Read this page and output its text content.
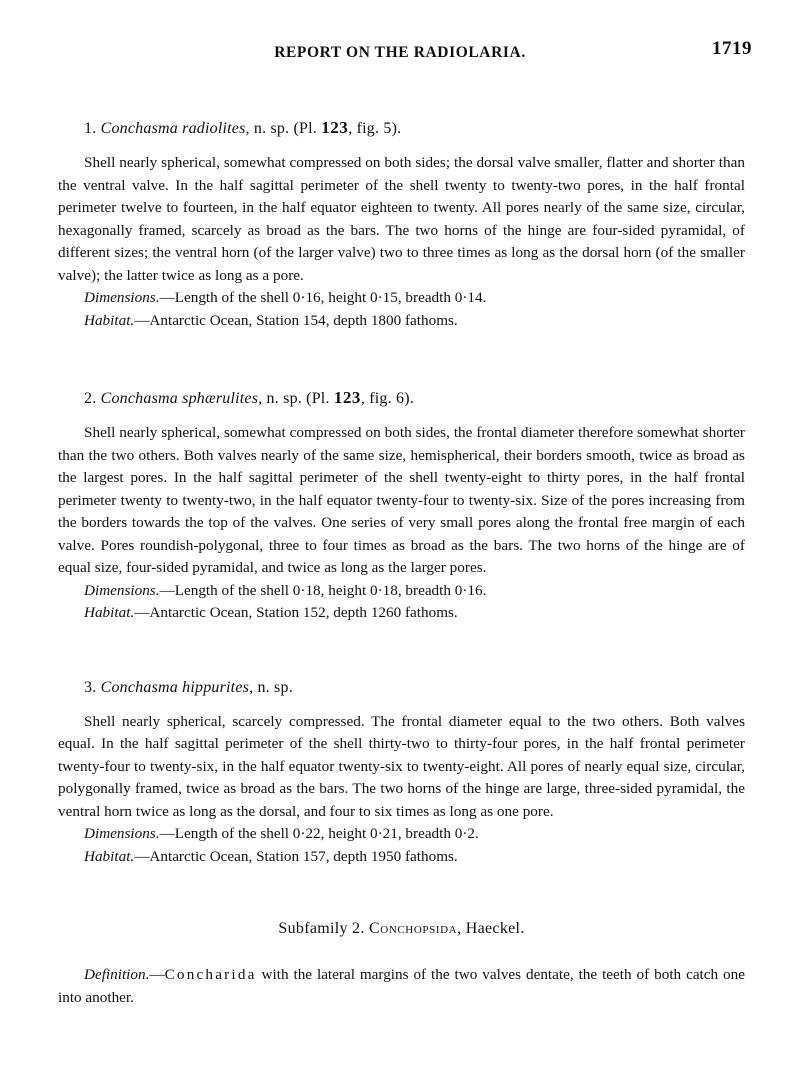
REPORT ON THE RADIOLARIA.	1719
1. Conchasma radiolites, n. sp. (Pl. 123, fig. 5).

Shell nearly spherical, somewhat compressed on both sides; the dorsal valve smaller, flatter and shorter than the ventral valve. In the half sagittal perimeter of the shell twenty to twenty-two pores, in the half frontal perimeter twelve to fourteen, in the half equator eighteen to twenty. All pores nearly of the same size, circular, hexagonally framed, scarcely as broad as the bars. The two horns of the hinge are four-sided pyramidal, of different sizes; the ventral horn (of the larger valve) two to three times as long as the dorsal horn (of the smaller valve); the latter twice as long as a pore.

Dimensions.—Length of the shell 0·16, height 0·15, breadth 0·14.

Habitat.—Antarctic Ocean, Station 154, depth 1800 fathoms.

2. Conchasma sphærulites, n. sp. (Pl. 123, fig. 6).

Shell nearly spherical, somewhat compressed on both sides, the frontal diameter therefore somewhat shorter than the two others. Both valves nearly of the same size, hemispherical, their borders smooth, twice as broad as the largest pores. In the half sagittal perimeter of the shell twenty-eight to thirty pores, in the half frontal perimeter twenty to twenty-two, in the half equator twenty-four to twenty-six. Size of the pores increasing from the borders towards the top of the valves. One series of very small pores along the frontal free margin of each valve. Pores roundish-polygonal, three to four times as broad as the bars. The two horns of the hinge are of equal size, four-sided pyramidal, and twice as long as the larger pores.

Dimensions.—Length of the shell 0·18, height 0·18, breadth 0·16.

Habitat.—Antarctic Ocean, Station 152, depth 1260 fathoms.

3. Conchasma hippurites, n. sp.

Shell nearly spherical, scarcely compressed. The frontal diameter equal to the two others. Both valves equal. In the half sagittal perimeter of the shell thirty-two to thirty-four pores, in the half frontal perimeter twenty-four to twenty-six, in the half equator twenty-six to twenty-eight. All pores of nearly equal size, circular, polygonally framed, twice as broad as the bars. The two horns of the hinge are large, three-sided pyramidal, the ventral horn twice as long as the dorsal, and four to six times as long as one pore.

Dimensions.—Length of the shell 0·22, height 0·21, breadth 0·2.

Habitat.—Antarctic Ocean, Station 157, depth 1950 fathoms.

Subfamily 2. Conchopsida, Haeckel.

Definition.—Concharida with the lateral margins of the two valves dentate, the teeth of both catch one into another.
